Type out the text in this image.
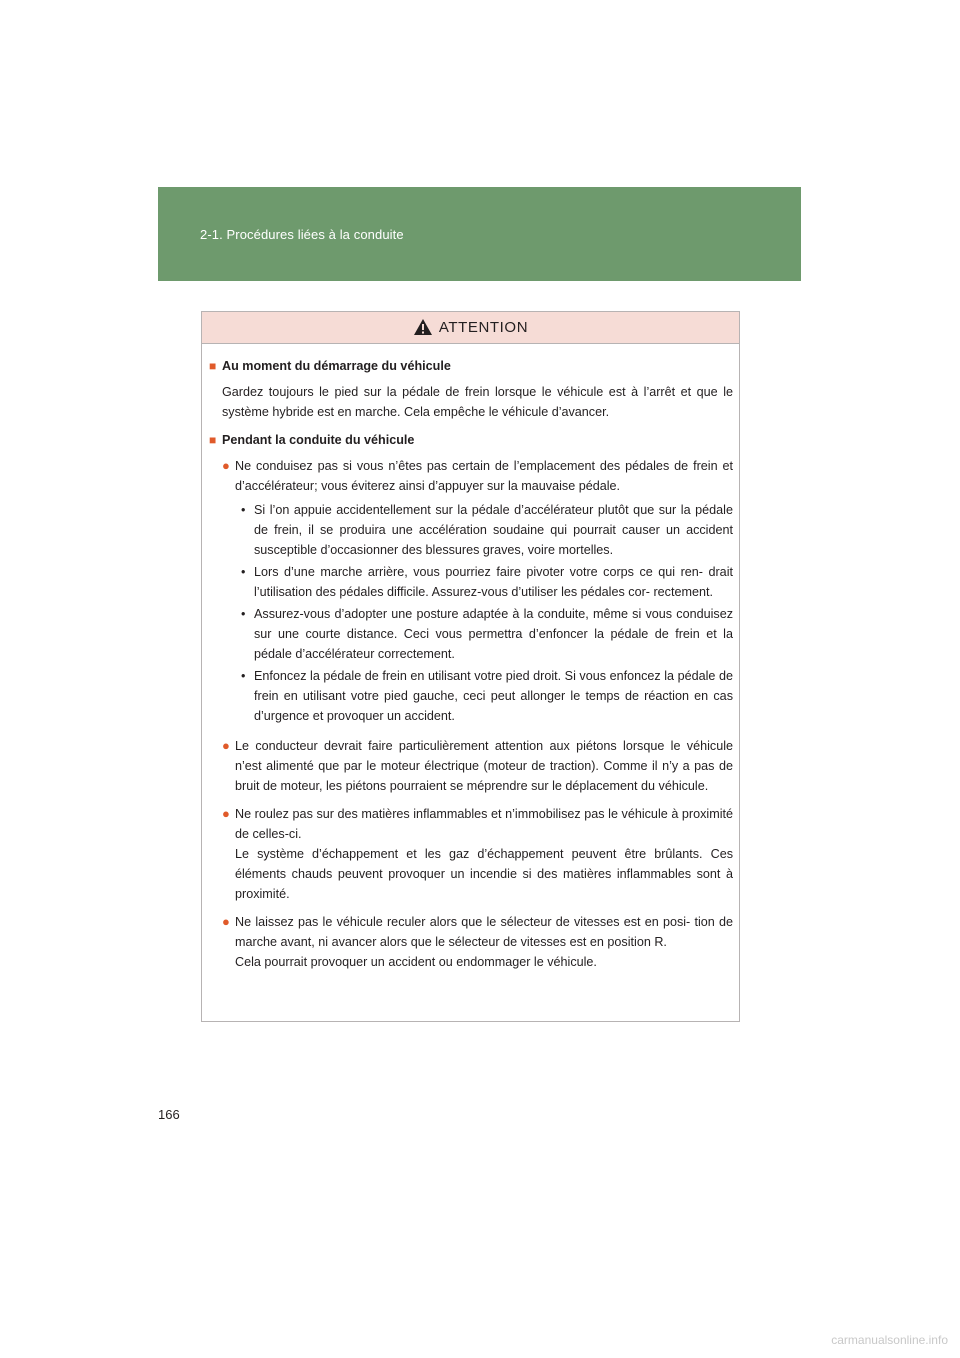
2-1. Procédures liées à la conduite
ATTENTION
■ Au moment du démarrage du véhicule

Gardez toujours le pied sur la pédale de frein lorsque le véhicule est à l’arrêt et que le système hybride est en marche. Cela empêche le véhicule d’avancer.

■ Pendant la conduite du véhicule
● Ne conduisez pas si vous n’êtes pas certain de l’emplacement des pédales de frein et d’accélérateur; vous éviterez ainsi d’appuyer sur la mauvaise pédale.
• Si l’on appuie accidentellement sur la pédale d’accélérateur plutôt que sur la pédale de frein, il se produira une accélération soudaine qui pourrait causer un accident susceptible d’occasionner des blessures graves, voire mortelles.
• Lors d’une marche arrière, vous pourriez faire pivoter votre corps ce qui ren- drait l’utilisation des pédales difficile. Assurez-vous d’utiliser les pédales cor- rectement.
• Assurez-vous d’adopter une posture adaptée à la conduite, même si vous conduisez sur une courte distance. Ceci vous permettra d’enfoncer la pédale de frein et la pédale d’accélérateur correctement.
• Enfoncez la pédale de frein en utilisant votre pied droit. Si vous enfoncez la pédale de frein en utilisant votre pied gauche, ceci peut allonger le temps de réaction en cas d’urgence et provoquer un accident.
● Le conducteur devrait faire particulièrement attention aux piétons lorsque le véhicule n’est alimenté que par le moteur électrique (moteur de traction). Comme il n’y a pas de bruit de moteur, les piétons pourraient se méprendre sur le déplacement du véhicule.
● Ne roulez pas sur des matières inflammables et n’immobilisez pas le véhicule à proximité de celles-ci.
Le système d’échappement et les gaz d’échappement peuvent être brûlants. Ces éléments chauds peuvent provoquer un incendie si des matières inflammables sont à proximité.
● Ne laissez pas le véhicule reculer alors que le sélecteur de vitesses est en posi- tion de marche avant, ni avancer alors que le sélecteur de vitesses est en position R.
Cela pourrait provoquer un accident ou endommager le véhicule.
166
carmanualsonline.info
